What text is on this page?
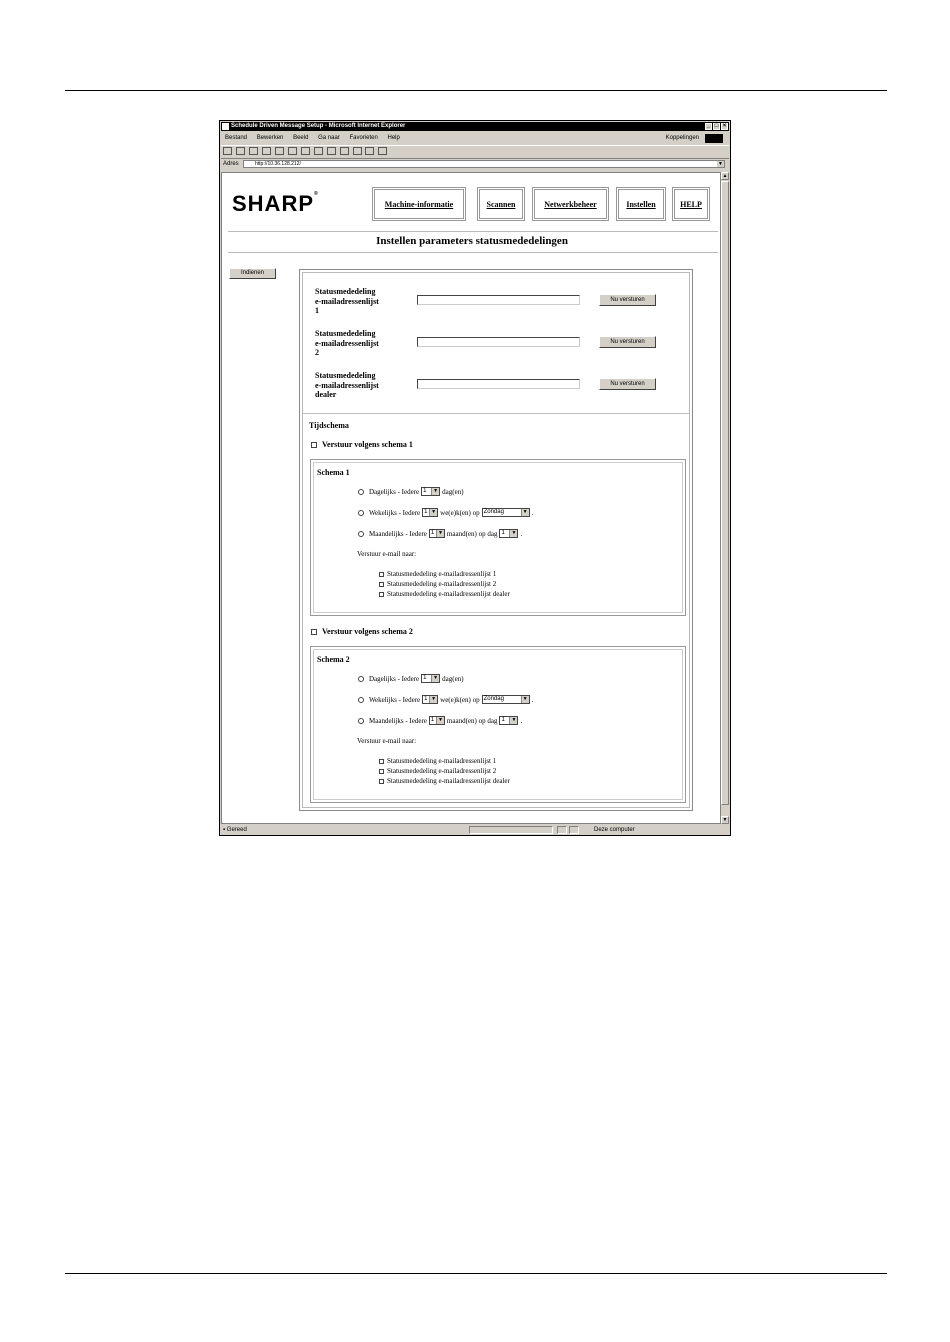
Schedule Driven Message Setup - Microsoft Internet Explorer	_ □ ×
Bestand Bewerken Beeld Ga naar Favorieten Help	Koppelingen

Adres	http://10.36.128.212/	▼
SHARP®
Machine-informatie	Scannen	Netwerkbeheer	Instellen	HELP
Instellen parameters statusmededelingen
Indienen
Statusmededeling
e-mailadressenlijst
1
Nu versturen
Statusmededeling
e-mailadressenlijst
2
Nu versturen
Statusmededeling
e-mailadressenlijst
dealer
Nu versturen
Tijdschema
Verstuur volgens schema 1
Schema 1
Dagelijks - Iedere 1	▼ dag(en)
Wekelijks - Iedere 1 ▼ we(e)k(en) op Zondag	▼ .
Maandelijks - Iedere 1 ▼ maand(en) op dag 1	▼ .
Verstuur e-mail naar:
Statusmededeling e-mailadressenlijst 1
Statusmededeling e-mailadressenlijst 2
Statusmededeling e-mailadressenlijst dealer
Verstuur volgens schema 2
Schema 2
Dagelijks - Iedere 1	▼ dag(en)
Wekelijks - Iedere 1 ▼ we(e)k(en) op Zondag	▼ .
Maandelijks - Iedere 1 ▼ maand(en) op dag 1	▼ .
Verstuur e-mail naar:
Statusmededeling e-mailadressenlijst 1
Statusmededeling e-mailadressenlijst 2
Statusmededeling e-mailadressenlijst dealer
▲
▼
▪ Gereed	Deze computer
